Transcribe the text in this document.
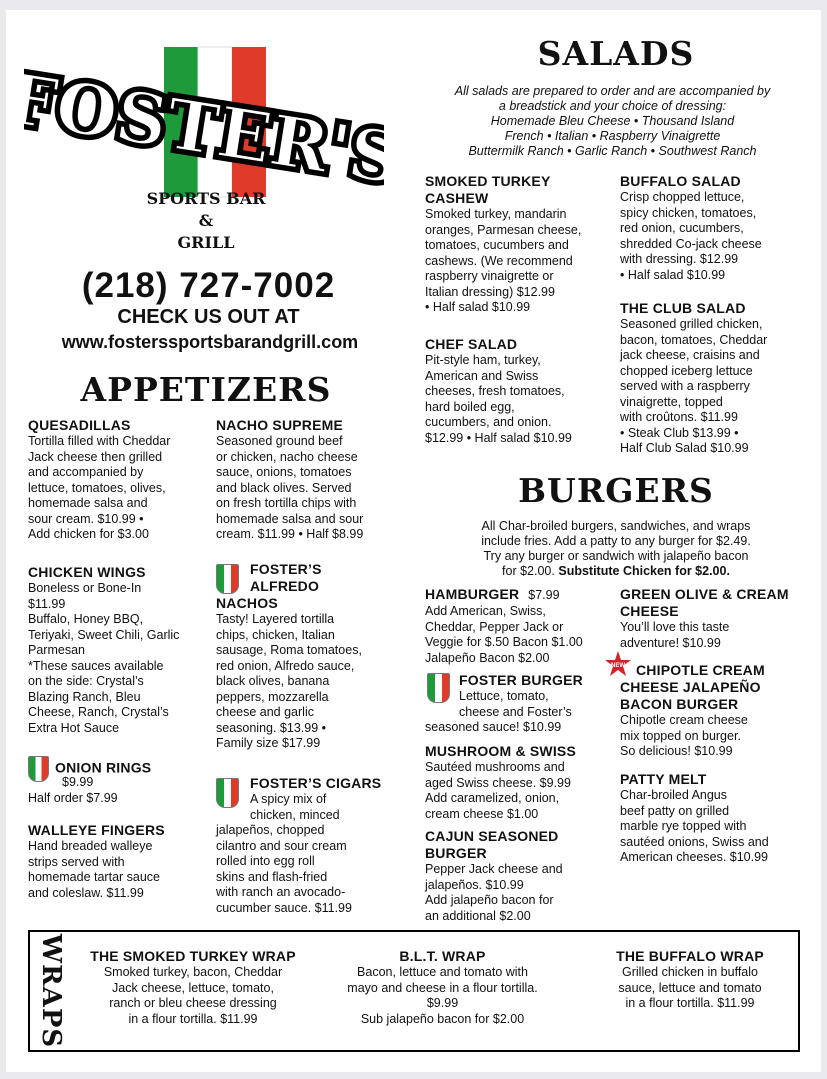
FOSTER'S
FOSTER'S
SPORTS BAR
&
GRILL
(218) 727-7002
CHECK US OUT AT
www.fosterssportsbarandgrill.com
APPETIZERS
QUESADILLAS
Tortilla filled with Cheddar
Jack cheese then grilled
and accompanied by
lettuce, tomatoes, olives,
homemade salsa and
sour cream. $10.99 •
Add chicken for $3.00
CHICKEN WINGS
Boneless or Bone-In
$11.99
Buffalo, Honey BBQ,
Teriyaki, Sweet Chili, Garlic
Parmesan
*These sauces available
on the side: Crystal’s
Blazing Ranch, Bleu
Cheese, Ranch, Crystal’s
Extra Hot Sauce
ONION RINGS
$9.99
Half order $7.99
WALLEYE FINGERS
Hand breaded walleye
strips served with
homemade tartar sauce
and coleslaw. $11.99
NACHO SUPREME
Seasoned ground beef
or chicken, nacho cheese
sauce, onions, tomatoes
and black olives. Served
on fresh tortilla chips with
homemade salsa and sour
cream. $11.99 • Half $8.99
FOSTER’S
ALFREDO
NACHOS
Tasty! Layered tortilla
chips, chicken, Italian
sausage, Roma tomatoes,
red onion, Alfredo sauce,
black olives, banana
peppers, mozzarella
cheese and garlic
seasoning. $13.99 •
Family size $17.99
FOSTER’S CIGARS
A spicy mix of
chicken, minced
jalapeños, chopped
cilantro and sour cream
rolled into egg roll
skins and flash-fried
with ranch an avocado-
cucumber sauce. $11.99
SALADS
All salads are prepared to order and are accompanied by
a breadstick and your choice of dressing:
Homemade Bleu Cheese • Thousand Island
French • Italian • Raspberry Vinaigrette
Buttermilk Ranch • Garlic Ranch • Southwest Ranch
SMOKED TURKEY
CASHEW
Smoked turkey, mandarin
oranges, Parmesan cheese,
tomatoes, cucumbers and
cashews. (We recommend
raspberry vinaigrette or
Italian dressing) $12.99
• Half salad $10.99
CHEF SALAD
Pit-style ham, turkey,
American and Swiss
cheeses, fresh tomatoes,
hard boiled egg,
cucumbers, and onion.
$12.99 • Half salad $10.99
BUFFALO SALAD
Crisp chopped lettuce,
spicy chicken, tomatoes,
red onion, cucumbers,
shredded Co-jack cheese
with dressing. $12.99
• Half salad $10.99
THE CLUB SALAD
Seasoned grilled chicken,
bacon, tomatoes, Cheddar
jack cheese, craisins and
chopped iceberg lettuce
served with a raspberry
vinaigrette, topped
with croûtons. $11.99
• Steak Club $13.99 •
Half Club Salad $10.99
BURGERS
All Char-broiled burgers, sandwiches, and wraps
include fries. Add a patty to any burger for $2.49.
Try any burger or sandwich with jalapeño bacon
for $2.00. Substitute Chicken for $2.00.
HAMBURGER $7.99
Add American, Swiss,
Cheddar, Pepper Jack or
Veggie for $.50 Bacon $1.00
Jalapeño Bacon $2.00
FOSTER BURGER
Lettuce, tomato,
cheese and Foster’s
seasoned sauce! $10.99
MUSHROOM & SWISS
Sautéed mushrooms and
aged Swiss cheese. $9.99
Add caramelized, onion,
cream cheese $1.00
CAJUN SEASONED
BURGER
Pepper Jack cheese and
jalapeños. $10.99
Add jalapeño bacon for
an additional $2.00
GREEN OLIVE & CREAM
CHEESE
You’ll love this taste
adventure! $10.99
NEW CHIPOTLE CREAM
CHEESE JALAPEÑO
BACON BURGER
Chipotle cream cheese
mix topped on burger.
So delicious! $10.99
PATTY MELT
Char-broiled Angus
beef patty on grilled
marble rye topped with
sautéed onions, Swiss and
American cheeses. $10.99
WRAPS	THE SMOKED TURKEY WRAP
Smoked turkey, bacon, Cheddar
Jack cheese, lettuce, tomato,
ranch or bleu cheese dressing
in a flour tortilla. $11.99
B.L.T. WRAP
Bacon, lettuce and tomato with
mayo and cheese in a flour tortilla.
$9.99
Sub jalapeño bacon for $2.00
THE BUFFALO WRAP
Grilled chicken in buffalo
sauce, lettuce and tomato
in a flour tortilla. $11.99
